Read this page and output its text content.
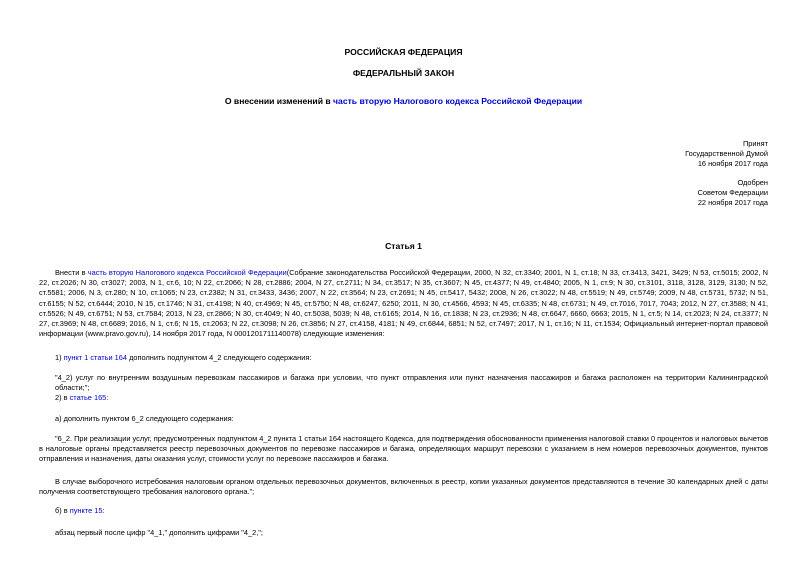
РОССИЙСКАЯ ФЕДЕРАЦИЯ
ФЕДЕРАЛЬНЫЙ ЗАКОН
О внесении изменений в часть вторую Налогового кодекса Российской Федерации
Принят
Государственной Думой
16 ноября 2017 года
Одобрен
Советом Федерации
22 ноября 2017 года
Статья 1
Внести в часть вторую Налогового кодекса Российской Федерации(Собрание законодательства Российской Федерации, 2000, N 32, ст.3340; 2001, N 1, ст.18; N 33, ст.3413, 3421, 3429; N 53, ст.5015; 2002, N 22, ст.2026; N 30, ст3027; 2003, N 1, ст.6, 10; N 22, ст.2066; N 28, ст.2886; 2004, N 27, ст.2711; N 34, ст.3517; N 35, ст.3607; N 45, ст.4377; N 49, ст.4840; 2005, N 1, ст.9; N 30, ст.3101, 3118, 3128, 3129, 3130; N 52, ст.5581; 2006, N 3, ст.280; N 10, ст.1065; N 23, ст.2382; N 31, ст.3433, 3436; 2007, N 22, ст.3564; N 23, ст.2691; N 45, ст.5417, 5432; 2008, N 26, ст.3022; N 48, ст.5519; N 49, ст.5749; 2009, N 48, ст.5731, 5732; N 51, ст.6155; N 52, ст.6444; 2010, N 15, ст.1746; N 31, ст.4198; N 40, ст.4969; N 45, ст.5750; N 48, ст.6247, 6250; 2011, N 30, ст.4566, 4593; N 45, ст.6335; N 48, ст.6731; N 49, ст.7016, 7017, 7043; 2012, N 27, ст.3588; N 41, ст.5526; N 49, ст.6751; N 53, ст.7584; 2013, N 23, ст.2866; N 30, ст.4049; N 40, ст.5038, 5039; N 48, ст.6165; 2014, N 16, ст.1838; N 23, ст.2936; N 48, ст.6647, 6660, 6663; 2015, N 1, ст.5; N 14, ст.2023; N 24, ст.3377; N 27, ст.3969; N 48, ст.6689; 2016, N 1, ст.6; N 15, ст.2063; N 22, ст.3098; N 26, ст.3856; N 27, ст.4158, 4181; N 49, ст.6844, 6851; N 52, ст.7497; 2017, N 1, ст.16; N 11, ст.1534; Официальный интернет-портал правовой информации (www.pravo.gov.ru), 14 ноября 2017 года, N 0001201711140078) следующие изменения:
1) пункт 1 статьи 164 дополнить подпунктом 4_2 следующего содержания:
"4_2) услуг по внутренним воздушным перевозкам пассажиров и багажа при условии, что пункт отправления или пункт назначения пассажиров и багажа расположен на территории Калининградской области;";
2) в статье 165:
а) дополнить пунктом 6_2 следующего содержания:
"6_2. При реализации услуг, предусмотренных подпунктом 4_2 пункта 1 статьи 164 настоящего Кодекса, для подтверждения обоснованности применения налоговой ставки 0 процентов и налоговых вычетов в налоговые органы представляется реестр перевозочных документов по перевозке пассажиров и багажа, определяющих маршрут перевозки с указанием в нем номеров перевозочных документов, пунктов отправления и назначения, даты оказания услуг, стоимости услуг по перевозке пассажиров и багажа.
В случае выборочного истребования налоговым органом отдельных перевозочных документов, включенных в реестр, копии указанных документов представляются в течение 30 календарных дней с даты получения соответствующего требования налогового органа.";
б) в пункте 15:
абзац первый после цифр "4_1," дополнить цифрами "4_2,";
